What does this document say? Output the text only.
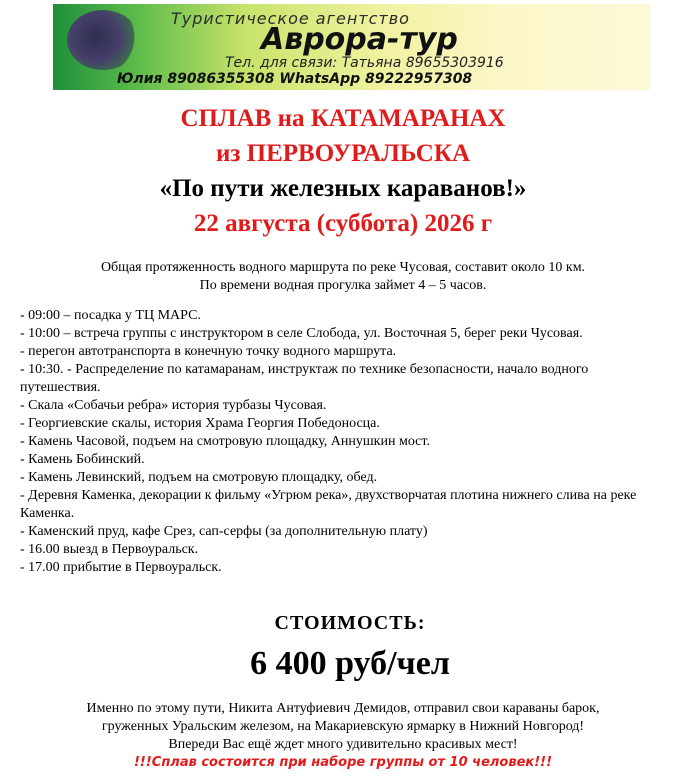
Туристическое агентство
Аврора-тур
Тел. для связи: Татьяна 89655303916
Юлия 89086355308 WhatsApp 89222957308
СПЛАВ на КАТАМАРАНАХ
из ПЕРВОУРАЛЬСКА
«По пути железных караванов!»
22 августа (суббота) 2026 г

Общая протяженность водного маршрута по реке Чусовая, составит около 10 км.

По времени водная прогулка займет 4 – 5 часов.

- 09:00 – посадка у ТЦ МАРС.
- 10:00 – встреча группы с инструктором в селе Слобода, ул. Восточная 5, берег реки Чусовая.
- перегон автотранспорта в конечную точку водного маршрута.
- 10:30. - Распределение по катамаранам, инструктаж по технике безопасности, начало водного путешествия.
- Скала «Собачьи ребра» история турбазы Чусовая.
- Георгиевские скалы, история Храма Георгия Победоносца.
- Камень Часовой, подъем на смотровую площадку, Аннушкин мост.
- Камень Бобинский.
- Камень Левинский, подъем на смотровую площадку, обед.
- Деревня Каменка, декорации к фильму «Угрюм река», двухстворчатая плотина нижнего слива на реке Каменка.
- Каменский пруд, кафе Срез, сап-серфы (за дополнительную плату)
- 16.00 выезд в Первоуральск.
- 17.00 прибытие в Первоуральск.
СТОИМОСТЬ:
6 400 руб/чел

Именно по этому пути, Никита Антуфиевич Демидов, отправил свои караваны барок,

груженных Уральским железом, на Макариевскую ярмарку в Нижний Новгород!

Впереди Вас ещё ждет много удивительно красивых мест!

!!!Сплав состоится при наборе группы от 10 человек!!!
